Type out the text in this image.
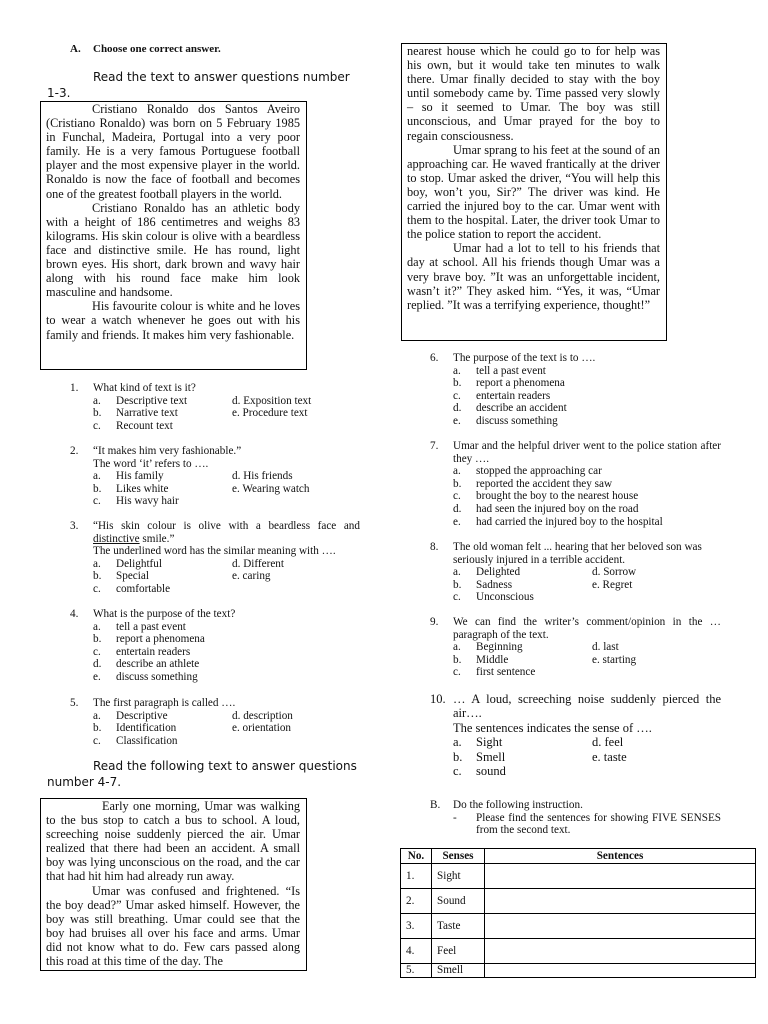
A. Choose one correct answer.
Read the text to answer questions number 1-3.

Cristiano Ronaldo dos Santos Aveiro (Cristiano Ronaldo) was born on 5 February 1985 in Funchal, Madeira, Portugal into a very poor family. He is a very famous Portuguese football player and the most expensive player in the world. Ronaldo is now the face of football and becomes one of the greatest football players in the world.

Cristiano Ronaldo has an athletic body with a height of 186 centimetres and weighs 83 kilograms. His skin colour is olive with a beardless face and distinctive smile. He has round, light brown eyes. His short, dark brown and wavy hair along with his round face make him look masculine and handsome.

His favourite colour is white and he loves to wear a watch whenever he goes out with his family and friends. It makes him very fashionable.

1. What kind of text is it?
a. Descriptive text
b. Narrative text
c. Recount text
d. Exposition text
e. Procedure text
2. “It makes him very fashionable.”
The word ‘it’ refers to ….
a. His family
b. Likes white
c. His wavy hair
d. His friends
e. Wearing watch
3. “His skin colour is olive with a beardless face and distinctive smile.”
The underlined word has the similar meaning with ….
a. Delightful
b. Special
c. comfortable
d. Different
e. caring
4. What is the purpose of the text?
a. tell a past event
b. report a phenomena
c. entertain readers
d. describe an athlete
e. discuss something
5. The first paragraph is called ….
a. Descriptive
b. Identification
c. Classification
d. description
e. orientation
Read the following text to answer questions number 4-7.

Early one morning, Umar was walking to the bus stop to catch a bus to school. A loud, screeching noise suddenly pierced the air. Umar realized that there had been an accident. A small boy was lying unconscious on the road, and the car that had hit him had already run away.

Umar was confused and frightened. “Is the boy dead?” Umar asked himself. However, the boy was still breathing. Umar could see that the boy had bruises all over his face and arms. Umar did not know what to do. Few cars passed along this road at this time of the day. The

nearest house which he could go to for help was his own, but it would take ten minutes to walk there. Umar finally decided to stay with the boy until somebody came by. Time passed very slowly – so it seemed to Umar. The boy was still unconscious, and Umar prayed for the boy to regain consciousness.

Umar sprang to his feet at the sound of an approaching car. He waved frantically at the driver to stop. Umar asked the driver, “You will help this boy, won’t you, Sir?” The driver was kind. He carried the injured boy to the car. Umar went with them to the hospital. Later, the driver took Umar to the police station to report the accident.

Umar had a lot to tell to his friends that day at school. All his friends though Umar was a very brave boy. ”It was an unforgettable incident, wasn’t it?” They asked him. “Yes, it was, “Umar replied. ”It was a terrifying experience, thought!”

6. The purpose of the text is to ….
a. tell a past event
b. report a phenomena
c. entertain readers
d. describe an accident
e. discuss something
7. Umar and the helpful driver went to the police station after they ….
a. stopped the approaching car
b. reported the accident they saw
c. brought the boy to the nearest house
d. had seen the injured boy on the road
e. had carried the injured boy to the hospital
8. The old woman felt ... hearing that her beloved son was seriously injured in a terrible accident.
a. Delighted
b. Sadness
c. Unconscious
d. Sorrow
e. Regret
9. We can find the writer’s comment/opinion in the … paragraph of the text.
a. Beginning
b. Middle
c. first sentence
d. last
e. starting
10. … A loud, screeching noise suddenly pierced the air….
The sentences indicates the sense of ….
a. Sight
b. Smell
c. sound
d. feel
e. taste
B. Do the following instruction.
- Please find the sentences for showing FIVE SENSES from the second text.
No.	Senses	Sentences
1.	Sight	
2.	Sound	
3.	Taste	
4.	Feel	
5.	Smell	
